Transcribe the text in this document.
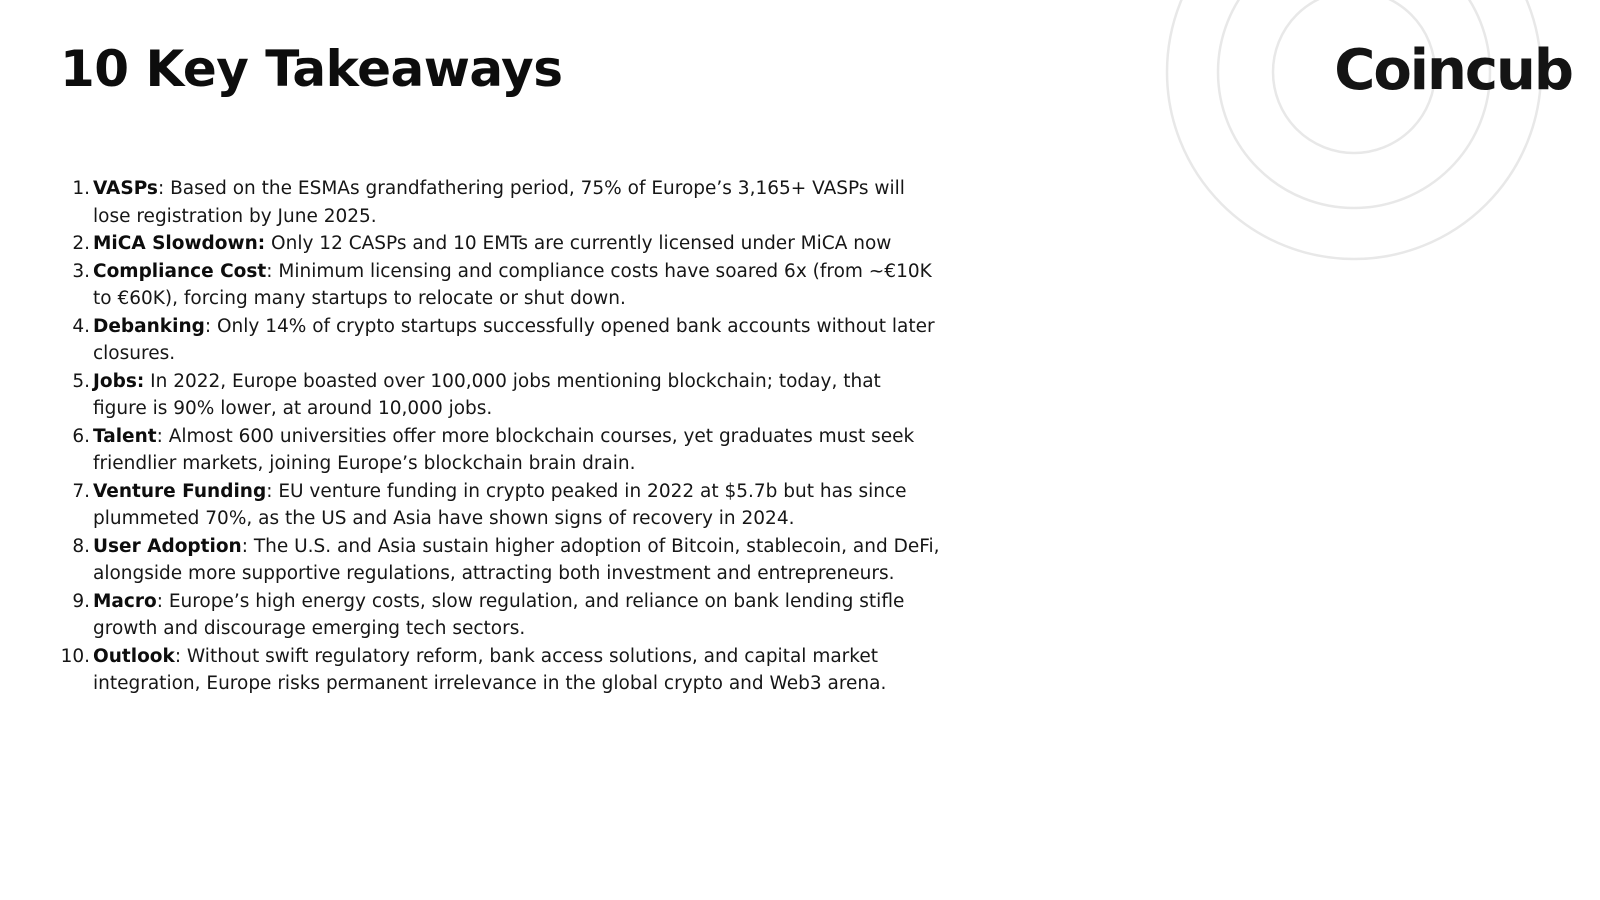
10 Key Takeaways	Coincub
1. VASPs: Based on the ESMAs grandfathering period, 75% of Europe’s 3,165+ VASPs will lose registration by June 2025.
2. MiCA Slowdown: Only 12 CASPs and 10 EMTs are currently licensed under MiCA now
3. Compliance Cost: Minimum licensing and compliance costs have soared 6x (from ~€10K to €60K), forcing many startups to relocate or shut down.
4. Debanking: Only 14% of crypto startups successfully opened bank accounts without later closures.
5. Jobs: In 2022, Europe boasted over 100,000 jobs mentioning blockchain; today, that figure is 90% lower, at around 10,000 jobs.
6. Talent: Almost 600 universities offer more blockchain courses, yet graduates must seek friendlier markets, joining Europe’s blockchain brain drain.
7. Venture Funding: EU venture funding in crypto peaked in 2022 at $5.7b but has since plummeted 70%, as the US and Asia have shown signs of recovery in 2024.
8. User Adoption: The U.S. and Asia sustain higher adoption of Bitcoin, stablecoin, and DeFi, alongside more supportive regulations, attracting both investment and entrepreneurs.
9. Macro: Europe’s high energy costs, slow regulation, and reliance on bank lending stifle growth and discourage emerging tech sectors.
10. Outlook: Without swift regulatory reform, bank access solutions, and capital market integration, Europe risks permanent irrelevance in the global crypto and Web3 arena.
